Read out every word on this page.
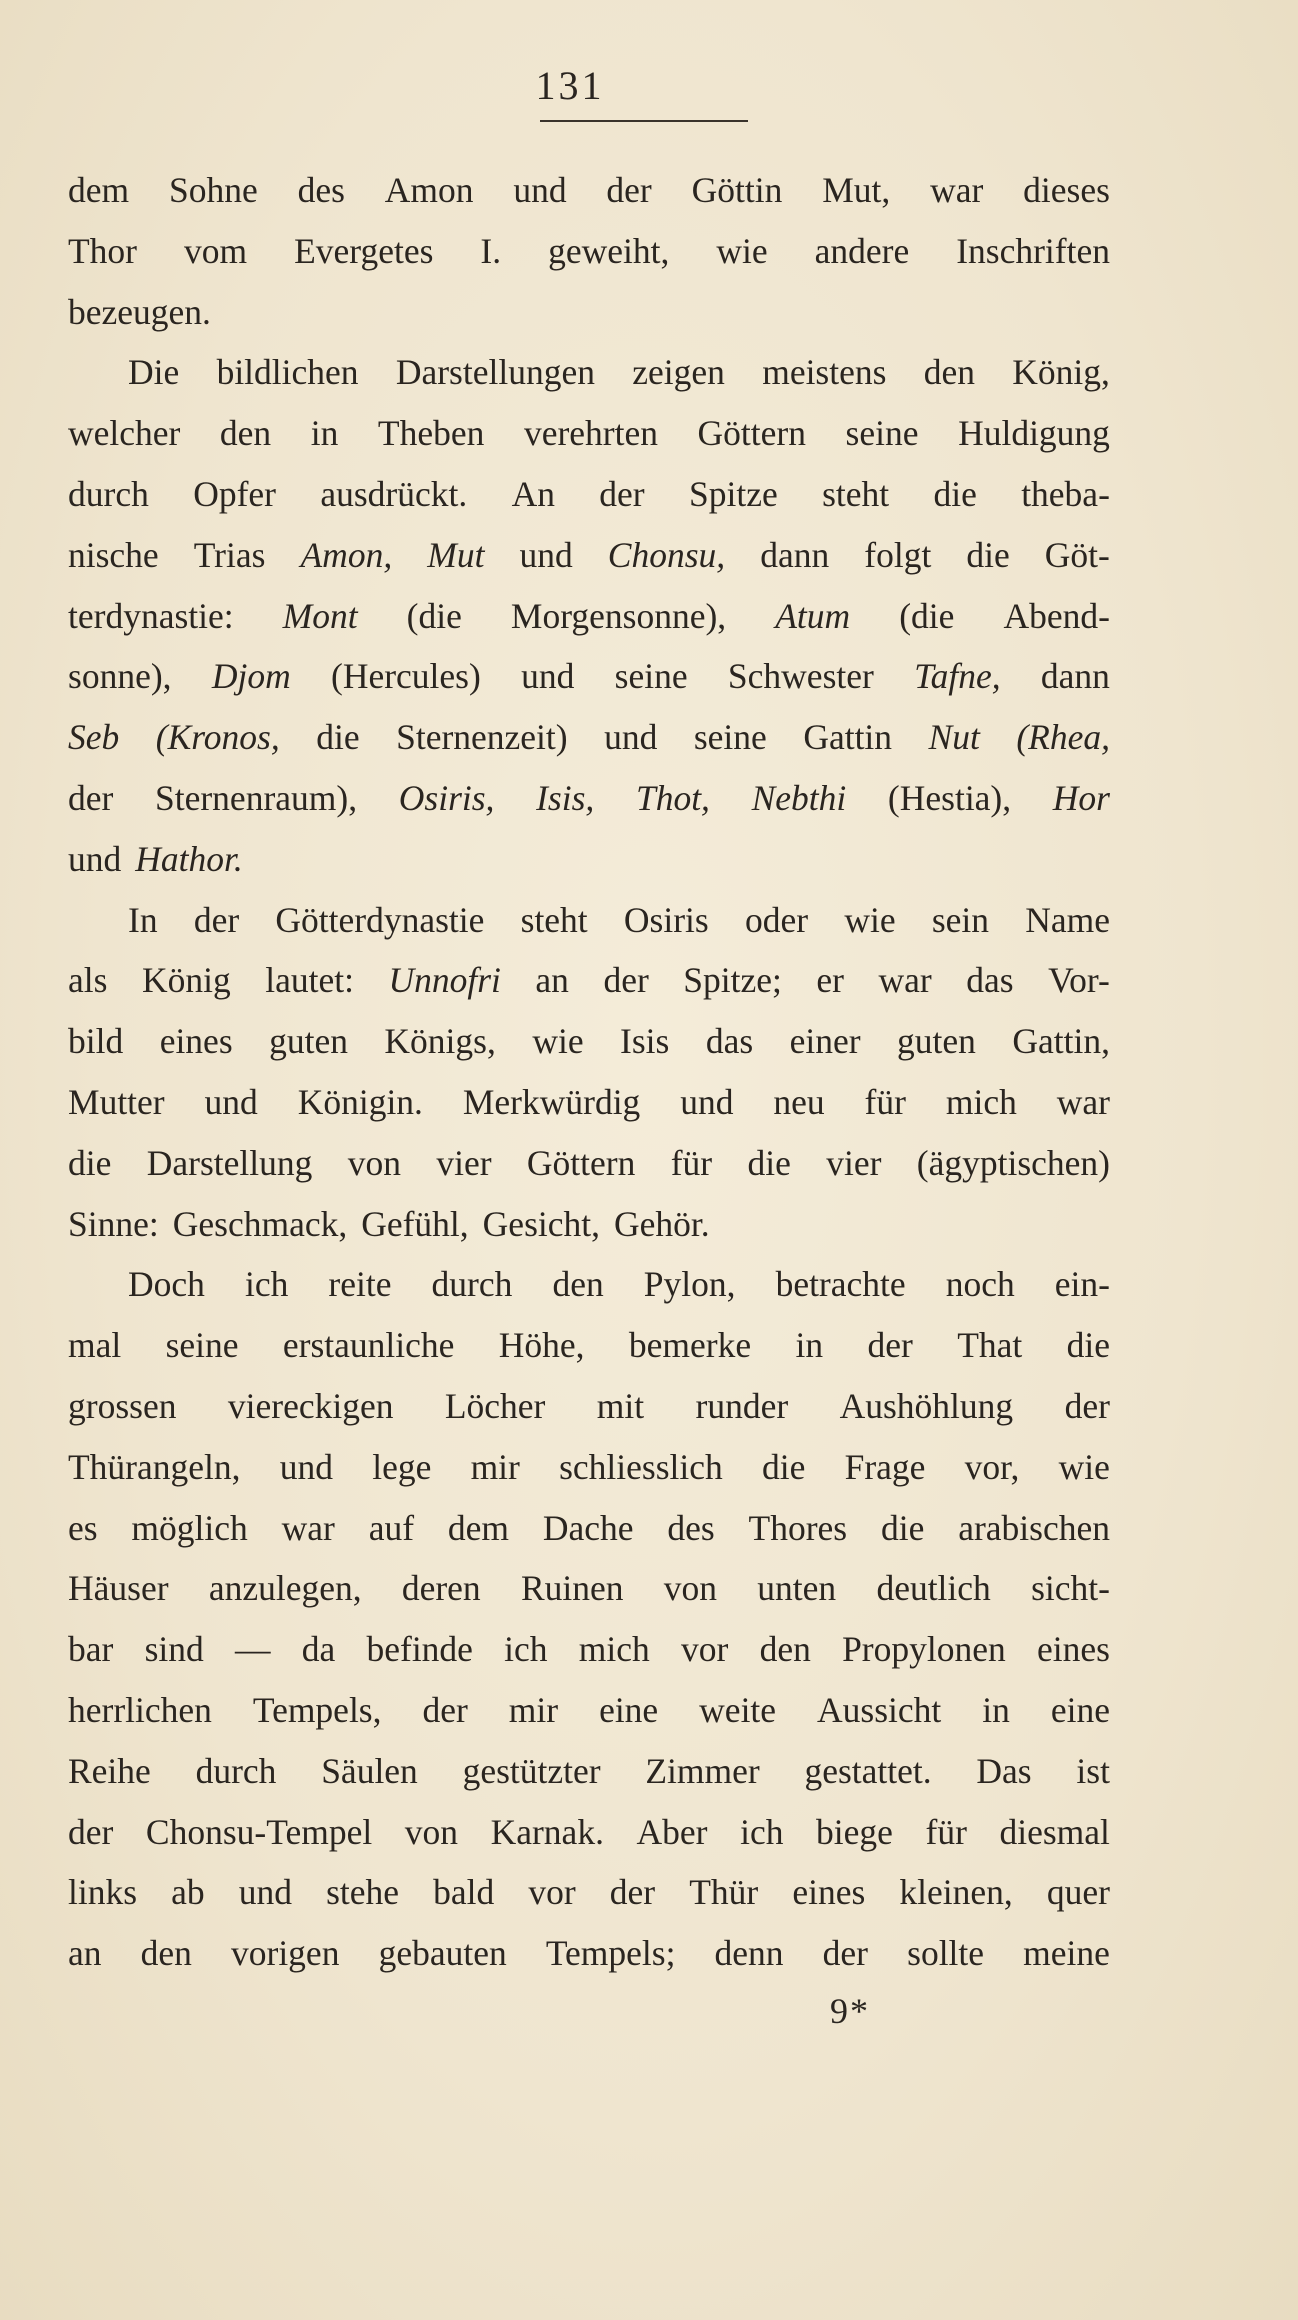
131
dem Sohne des Amon und der Göttin Mut, war dieses
Thor vom Evergetes I. geweiht, wie andere Inschriften
bezeugen.
Die bildlichen Darstellungen zeigen meistens den König,
welcher den in Theben verehrten Göttern seine Huldigung
durch Opfer ausdrückt. An der Spitze steht die theba-
nische Trias Amon, Mut und Chonsu, dann folgt die Göt-
terdynastie: Mont (die Morgensonne), Atum (die Abend-
sonne), Djom (Hercules) und seine Schwester Tafne, dann
Seb (Kronos, die Sternenzeit) und seine Gattin Nut (Rhea,
der Sternenraum), Osiris, Isis, Thot, Nebthi (Hestia), Hor
und Hathor.
In der Götterdynastie steht Osiris oder wie sein Name
als König lautet: Unnofri an der Spitze; er war das Vor-
bild eines guten Königs, wie Isis das einer guten Gattin,
Mutter und Königin. Merkwürdig und neu für mich war
die Darstellung von vier Göttern für die vier (ägyptischen)
Sinne: Geschmack, Gefühl, Gesicht, Gehör.
Doch ich reite durch den Pylon, betrachte noch ein-
mal seine erstaunliche Höhe, bemerke in der That die
grossen viereckigen Löcher mit runder Aushöhlung der
Thürangeln, und lege mir schliesslich die Frage vor, wie
es möglich war auf dem Dache des Thores die arabischen
Häuser anzulegen, deren Ruinen von unten deutlich sicht-
bar sind — da befinde ich mich vor den Propylonen eines
herrlichen Tempels, der mir eine weite Aussicht in eine
Reihe durch Säulen gestützter Zimmer gestattet. Das ist
der Chonsu-Tempel von Karnak. Aber ich biege für diesmal
links ab und stehe bald vor der Thür eines kleinen, quer
an den vorigen gebauten Tempels; denn der sollte meine
9*
